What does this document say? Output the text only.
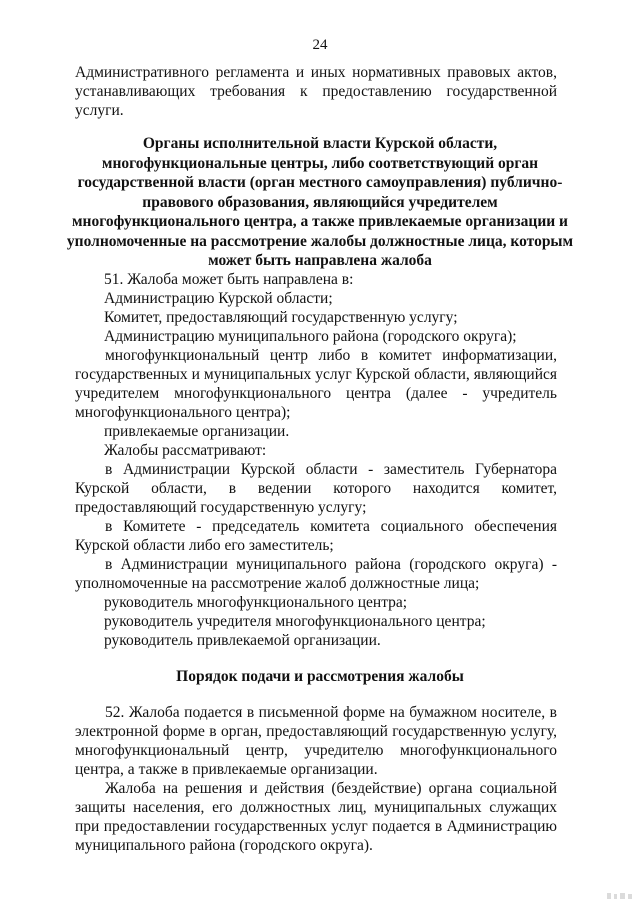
24
Административного регламента и иных нормативных правовых актов, устанавливающих требования к предоставлению государственной услуги.
Органы исполнительной власти Курской области, многофункциональные центры, либо соответствующий орган государственной власти (орган местного самоуправления) публично-правового образования, являющийся учредителем многофункционального центра, а также привлекаемые организации и уполномоченные на рассмотрение жалобы должностные лица, которым может быть направлена жалоба
51. Жалоба может быть направлена в:
Администрацию Курской области;
Комитет, предоставляющий государственную услугу;
Администрацию муниципального района (городского округа);
многофункциональный центр либо в комитет информатизации, государственных и муниципальных услуг Курской области, являющийся учредителем многофункционального центра (далее - учредитель многофункционального центра);
привлекаемые организации.
Жалобы рассматривают:
в Администрации Курской области - заместитель Губернатора Курской области, в ведении которого находится комитет, предоставляющий государственную услугу;
в Комитете - председатель комитета социального обеспечения Курской области либо его заместитель;
в Администрации муниципального района (городского округа) - уполномоченные на рассмотрение жалоб должностные лица;
руководитель многофункционального центра;
руководитель учредителя многофункционального центра;
руководитель привлекаемой организации.
Порядок подачи и рассмотрения жалобы
52. Жалоба подается в письменной форме на бумажном носителе, в электронной форме в орган, предоставляющий государственную услугу, многофункциональный центр, учредителю многофункционального центра, а также в привлекаемые организации.
Жалоба на решения и действия (бездействие) органа социальной защиты населения, его должностных лиц, муниципальных служащих при предоставлении государственных услуг подается в Администрацию муниципального района (городского округа).
